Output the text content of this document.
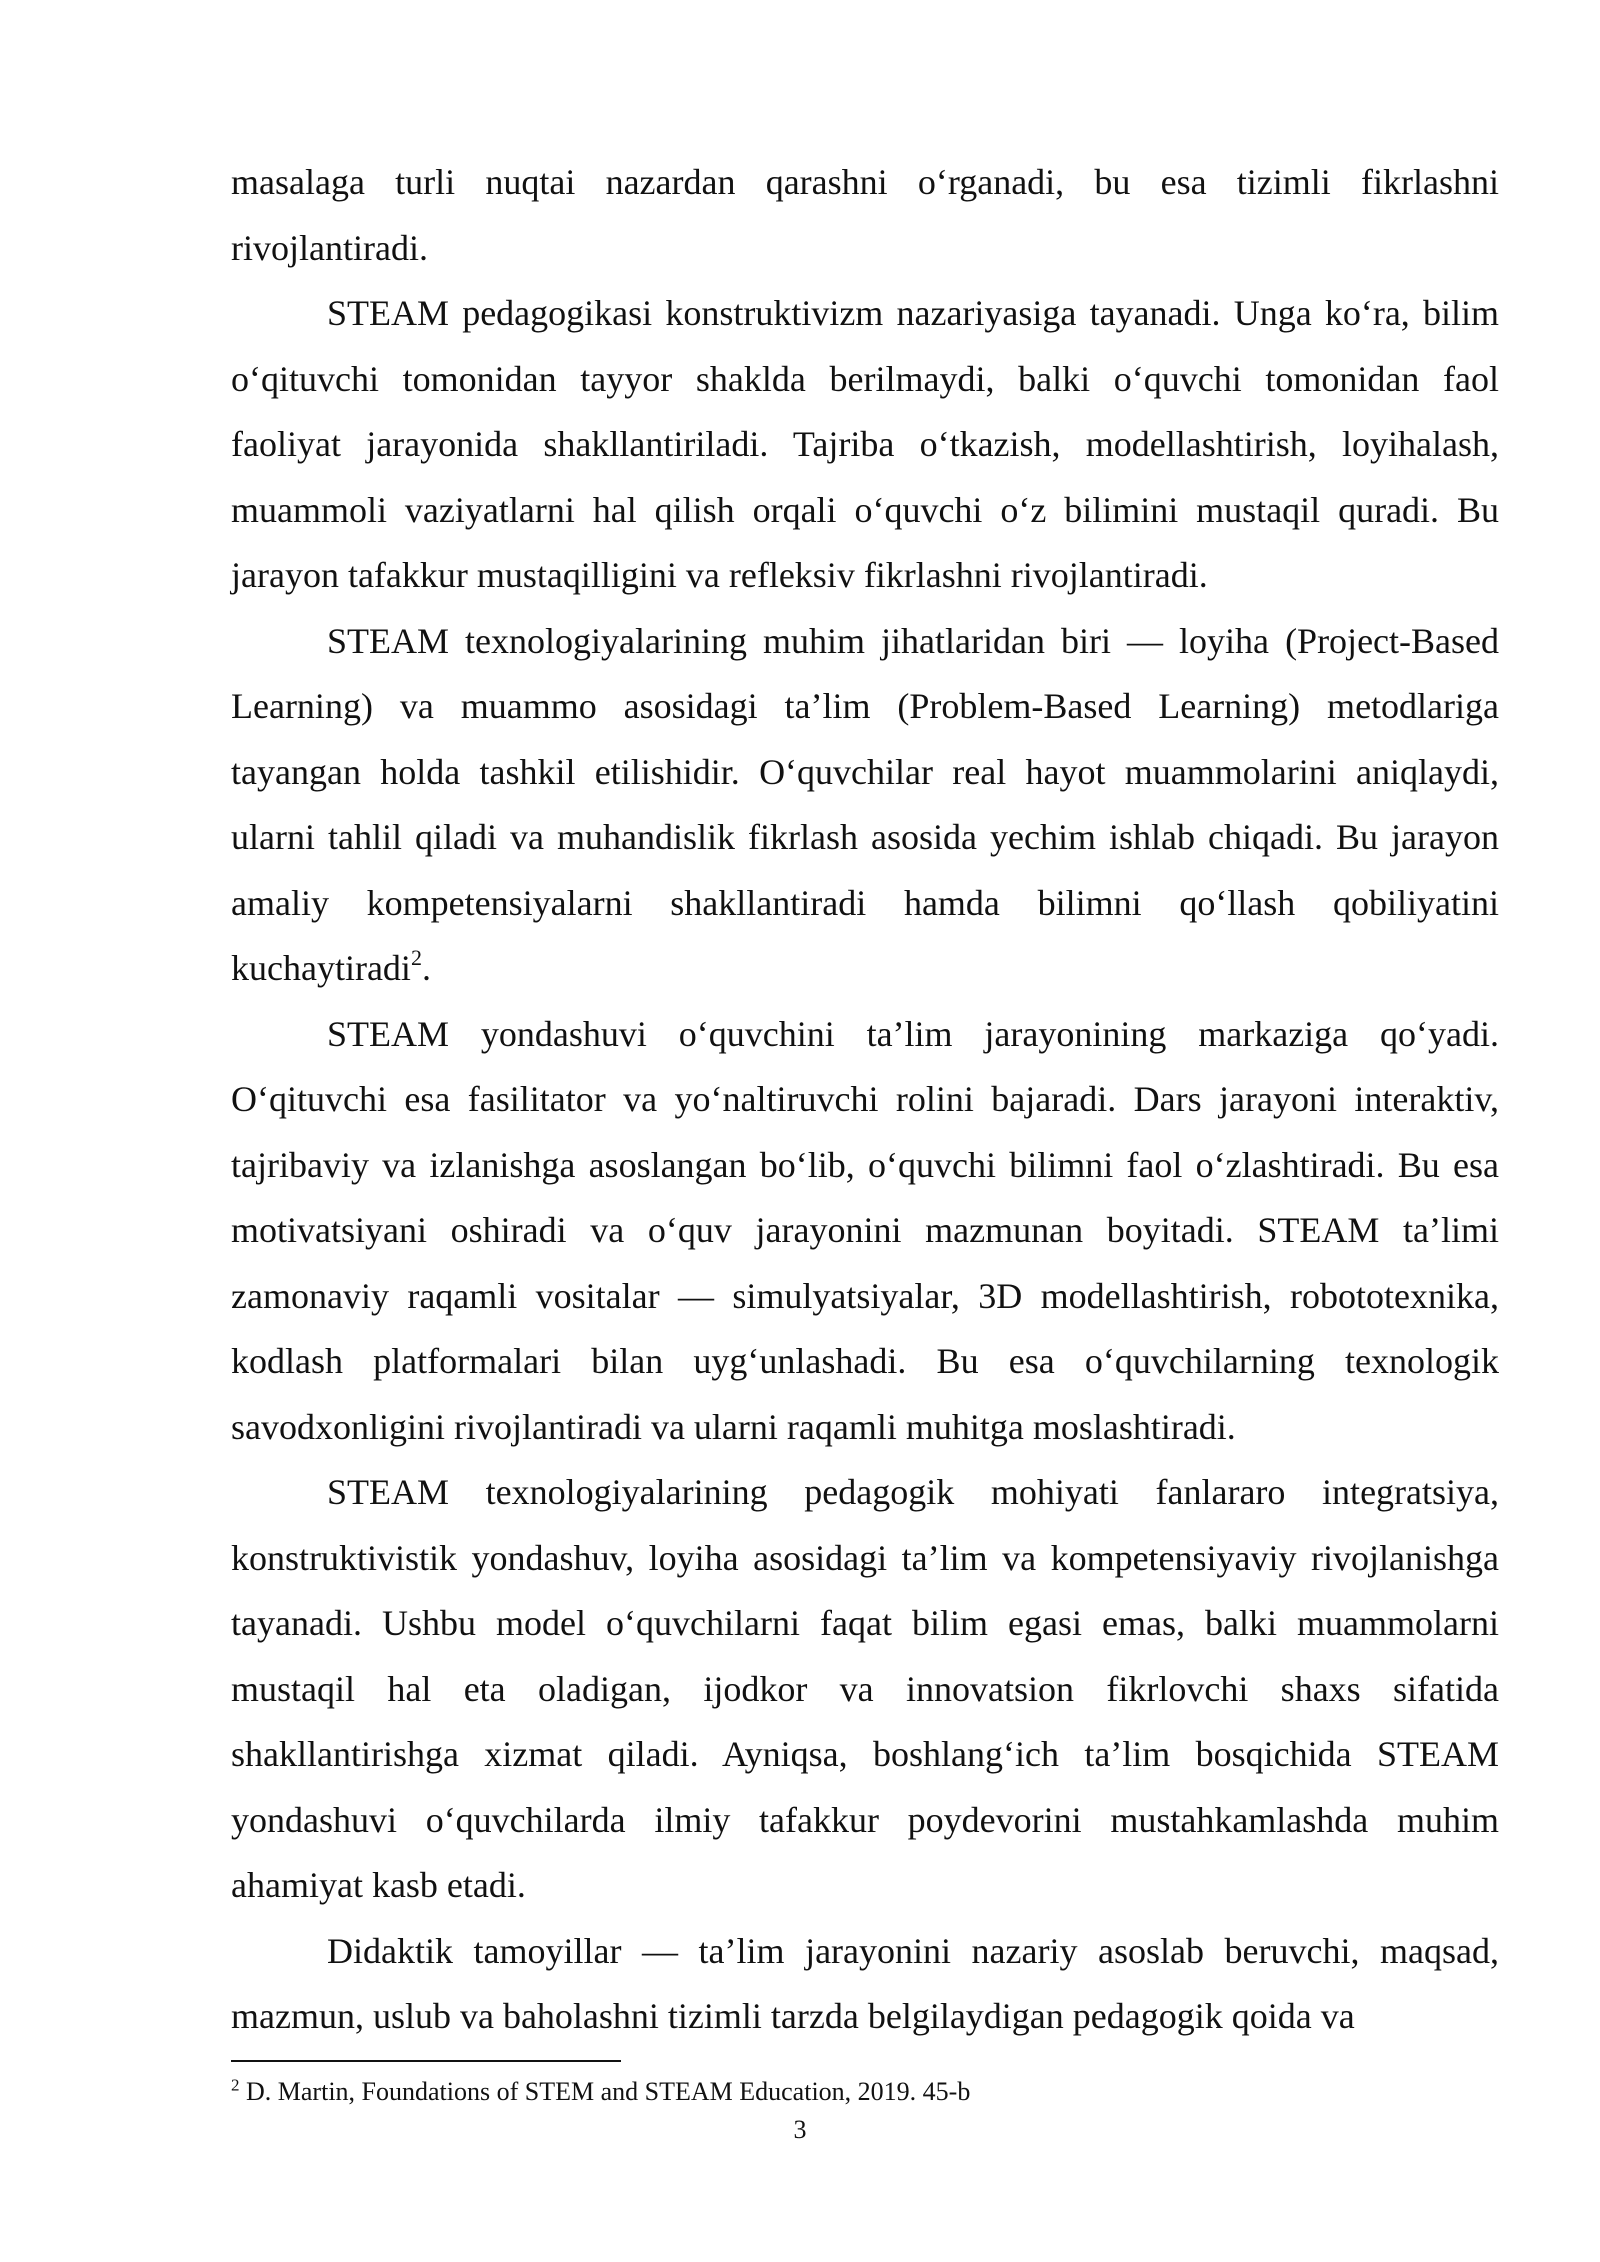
masalaga turli nuqtai nazardan qarashni o‘rganadi, bu esa tizimli fikrlashni rivojlantiradi.

STEAM pedagogikasi konstruktivizm nazariyasiga tayanadi. Unga ko‘ra, bilim o‘qituvchi tomonidan tayyor shaklda berilmaydi, balki o‘quvchi tomonidan faol faoliyat jarayonida shakllantiriladi. Tajriba o‘tkazish, modellashtirish, loyihalash, muammoli vaziyatlarni hal qilish orqali o‘quvchi o‘z bilimini mustaqil quradi. Bu jarayon tafakkur mustaqilligini va refleksiv fikrlashni rivojlantiradi.

STEAM texnologiyalarining muhim jihatlaridan biri — loyiha (Project-Based Learning) va muammo asosidagi ta’lim (Problem-Based Learning) metodlariga tayangan holda tashkil etilishidir. O‘quvchilar real hayot muammolarini aniqlaydi, ularni tahlil qiladi va muhandislik fikrlash asosida yechim ishlab chiqadi. Bu jarayon amaliy kompetensiyalarni shakllantiradi hamda bilimni qo‘llash qobiliyatini kuchaytiradi$^2$.

STEAM yondashuvi o‘quvchini ta’lim jarayonining markaziga qo‘yadi. O‘qituvchi esa fasilitator va yo‘naltiruvchi rolini bajaradi. Dars jarayoni interaktiv, tajribaviy va izlanishga asoslangan bo‘lib, o‘quvchi bilimni faol o‘zlashtiradi. Bu esa motivatsiyani oshiradi va o‘quv jarayonini mazmunan boyitadi. STEAM ta’limi zamonaviy raqamli vositalar — simulyatsiyalar, 3D modellashtirish, robototexnika, kodlash platformalari bilan uyg‘unlashadi. Bu esa o‘quvchilarning texnologik savodxonligini rivojlantiradi va ularni raqamli muhitga moslashtiradi.

STEAM texnologiyalarining pedagogik mohiyati fanlararo integratsiya, konstruktivistik yondashuv, loyiha asosidagi ta’lim va kompetensiyaviy rivojlanishga tayanadi. Ushbu model o‘quvchilarni faqat bilim egasi emas, balki muammolarni mustaqil hal eta oladigan, ijodkor va innovatsion fikrlovchi shaxs sifatida shakllantirishga xizmat qiladi. Ayniqsa, boshlang‘ich ta’lim bosqichida STEAM yondashuvi o‘quvchilarda ilmiy tafakkur poydevorini mustahkamlashda muhim ahamiyat kasb etadi.

Didaktik tamoyillar — ta’lim jarayonini nazariy asoslab beruvchi, maqsad, mazmun, uslub va baholashni tizimli tarzda belgilaydigan pedagogik qoida va

$^2$ D. Martin, Foundations of STEM and STEAM Education, 2019. 45-b
3
